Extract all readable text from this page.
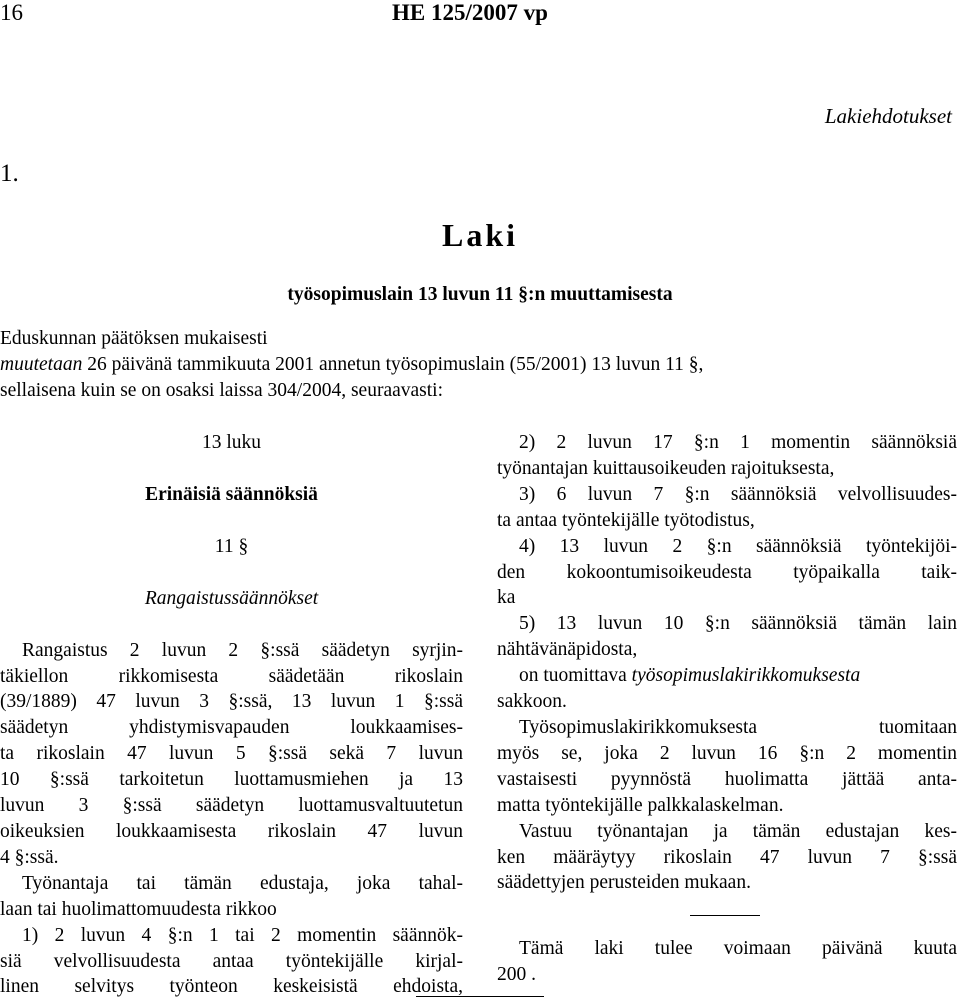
16	HE 125/2007 vp
Lakiehdotukset
1.
Laki
työsopimuslain 13 luvun 11 §:n muuttamisesta
Eduskunnan päätöksen mukaisesti
muutetaan 26 päivänä tammikuuta 2001 annetun työsopimuslain (55/2001) 13 luvun 11 §,
sellaisena kuin se on osaksi laissa 304/2004, seuraavasti:

13 luku

Erinäisiä säännöksiä

11 §

Rangaistussäännökset

Rangaistus 2 luvun 2 §:ssä säädetyn syrjin-

täkiellon rikkomisesta säädetään rikoslain

(39/1889) 47 luvun 3 §:ssä, 13 luvun 1 §:ssä

säädetyn yhdistymisvapauden loukkaamises-

ta rikoslain 47 luvun 5 §:ssä sekä 7 luvun

10 §:ssä tarkoitetun luottamusmiehen ja 13

luvun 3 §:ssä säädetyn luottamusvaltuutetun

oikeuksien loukkaamisesta rikoslain 47 luvun

4 §:ssä.

Työnantaja tai tämän edustaja, joka tahal-

laan tai huolimattomuudesta rikkoo

1) 2 luvun 4 §:n 1 tai 2 momentin säännök-

siä velvollisuudesta antaa työntekijälle kirjal-

linen selvitys työnteon keskeisistä ehdoista,

2) 2 luvun 17 §:n 1 momentin säännöksiä

työnantajan kuittausoikeuden rajoituksesta,

3) 6 luvun 7 §:n säännöksiä velvollisuudes-

ta antaa työntekijälle työtodistus,

4) 13 luvun 2 §:n säännöksiä työntekijöi-

den kokoontumisoikeudesta työpaikalla taik-

ka

5) 13 luvun 10 §:n säännöksiä tämän lain

nähtävänäpidosta,

on tuomittava työsopimuslakirikkomuksesta

sakkoon.

Työsopimuslakirikkomuksesta    tuomitaan

myös se, joka 2 luvun 16 §:n 2 momentin

vastaisesti pyynnöstä huolimatta jättää anta-

matta työntekijälle palkkalaskelman.

Vastuu työnantajan ja tämän edustajan kes-

ken määräytyy rikoslain 47 luvun 7 §:ssä

säädettyjen perusteiden mukaan.

Tämä laki tulee voimaan päivänä kuuta

200 .
